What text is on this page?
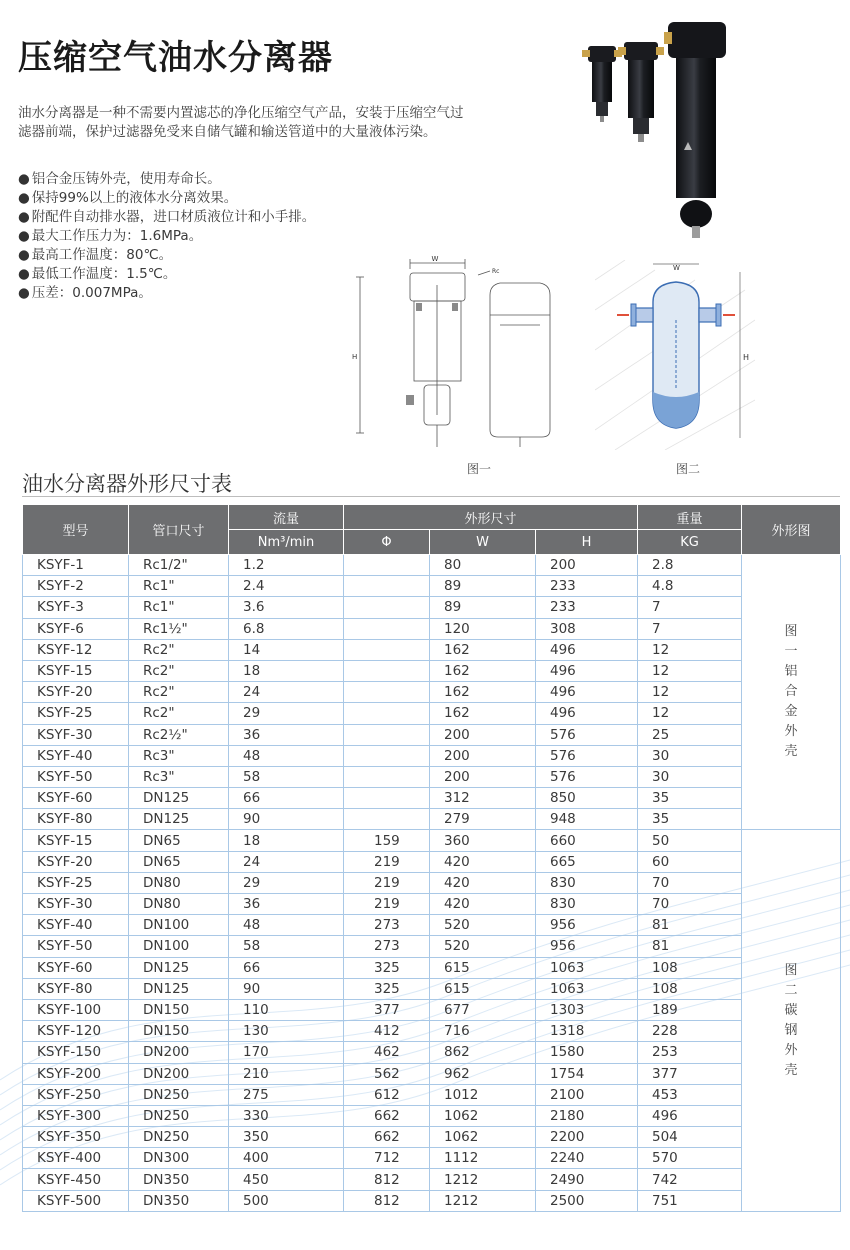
压缩空气油水分离器

油水分离器是一种不需要内置滤芯的净化压缩空气产品，安装于压缩空气过滤器前端，保护过滤器免受来自储气罐和输送管道中的大量液体污染。

● 铝合金压铸外壳，使用寿命长。
● 保持99%以上的液体水分离效果。
● 附配件自动排水器，进口材质液位计和小手排。
● 最大工作压力为：1.6MPa。
● 最高工作温度：80℃。
● 最低工作温度：1.5℃。
● 压差：0.007MPa。
W
H
Rc	W
H
图一	图二
油水分离器外形尺寸表
型号	管口尺寸	流量	外形尺寸			重量	外形图
		Nm³/min	Φ	W	H	KG	
KSYF-1	Rc1/2"	1.2		80	200	2.8	图一铝合金外壳
KSYF-2	Rc1"	2.4		89	233	4.8	
KSYF-3	Rc1"	3.6		89	233	7	
KSYF-6	Rc1½"	6.8		120	308	7	
KSYF-12	Rc2"	14		162	496	12	
KSYF-15	Rc2"	18		162	496	12	
KSYF-20	Rc2"	24		162	496	12	
KSYF-25	Rc2"	29		162	496	12	
KSYF-30	Rc2½"	36		200	576	25	
KSYF-40	Rc3"	48		200	576	30	
KSYF-50	Rc3"	58		200	576	30	
KSYF-60	DN125	66		312	850	35	
KSYF-80	DN125	90		279	948	35	
KSYF-15	DN65	18	159	360	660	50	图二碳钢外壳
KSYF-20	DN65	24	219	420	665	60	
KSYF-25	DN80	29	219	420	830	70	
KSYF-30	DN80	36	219	420	830	70	
KSYF-40	DN100	48	273	520	956	81	
KSYF-50	DN100	58	273	520	956	81	
KSYF-60	DN125	66	325	615	1063	108	
KSYF-80	DN125	90	325	615	1063	108	
KSYF-100	DN150	110	377	677	1303	189	
KSYF-120	DN150	130	412	716	1318	228	
KSYF-150	DN200	170	462	862	1580	253	
KSYF-200	DN200	210	562	962	1754	377	
KSYF-250	DN250	275	612	1012	2100	453	
KSYF-300	DN250	330	662	1062	2180	496	
KSYF-350	DN250	350	662	1062	2200	504	
KSYF-400	DN300	400	712	1112	2240	570	
KSYF-450	DN350	450	812	1212	2490	742	
KSYF-500	DN350	500	812	1212	2500	751	
